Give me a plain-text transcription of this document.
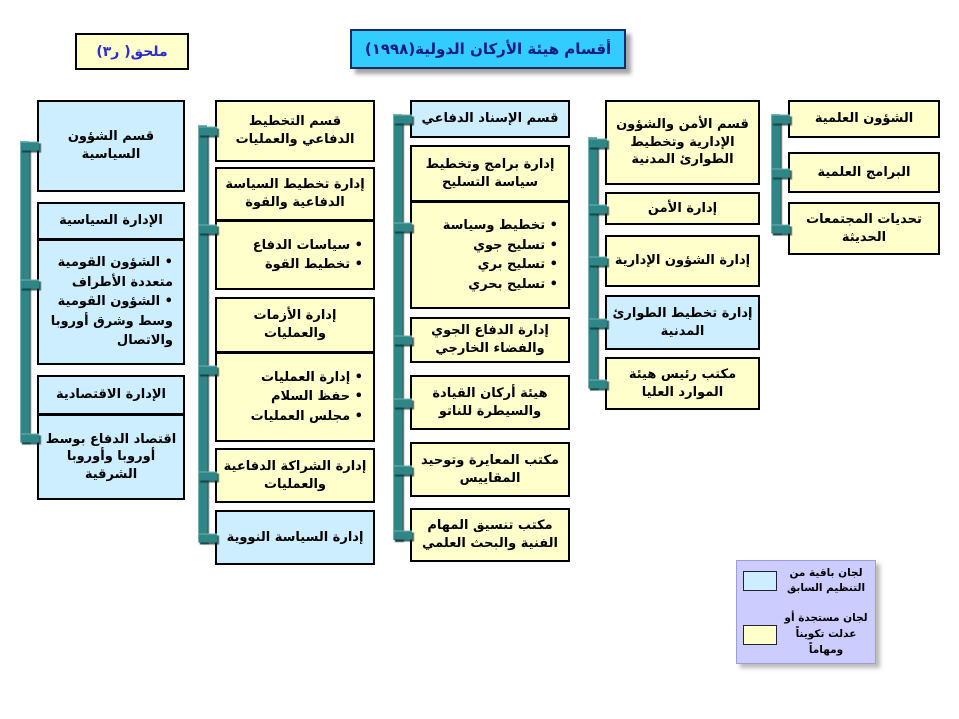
ملحق( ر٣)	أقسام هيئة الأركان الدولية(١٩٩٨)
قسم الشؤون السياسية
الإدارة السياسية
• الشؤون القومية متعددة الأطراف
• الشؤون القومية وسط وشرق أوروبا والاتصال
الإدارة الاقتصادية
اقتصاد الدفاع بوسط أوروبا وأوروبا الشرقية
قسم التخطيط الدفاعي والعمليات
إدارة تخطيط السياسة الدفاعية والقوة
• سياسات الدفاع
• تخطيط القوة
إدارة الأزمات والعمليات
• إدارة العمليات
• حفظ السلام
• مجلس العمليات
إدارة الشراكة الدفاعية والعمليات
إدارة السياسة النووية
قسم الإسناد الدفاعي
إدارة برامج وتخطيط سياسة التسليح
• تخطيط وسياسة
• تسليح جوي
• تسليح بري
• تسليح بحري
إدارة الدفاع الجوي والفضاء الخارجي
هيئة أركان القيادة والسيطرة للناتو
مكتب المعايرة وتوحيد المقاييس
مكتب تنسيق المهام الفنية والبحث العلمي
قسم الأمن والشؤون الإدارية وتخطيط الطوارئ المدنية
إدارة الأمن
إدارة الشؤون الإدارية
إدارة تخطيط الطوارئ المدنية
مكتب رئيس هيئة الموارد العليا
الشؤون العلمية
البرامج العلمية
تحديات المجتمعات الحديثة
لجان باقية من التنظيم السابق
لجان مستجدة أو عدلت تكويناً ومهاماً
